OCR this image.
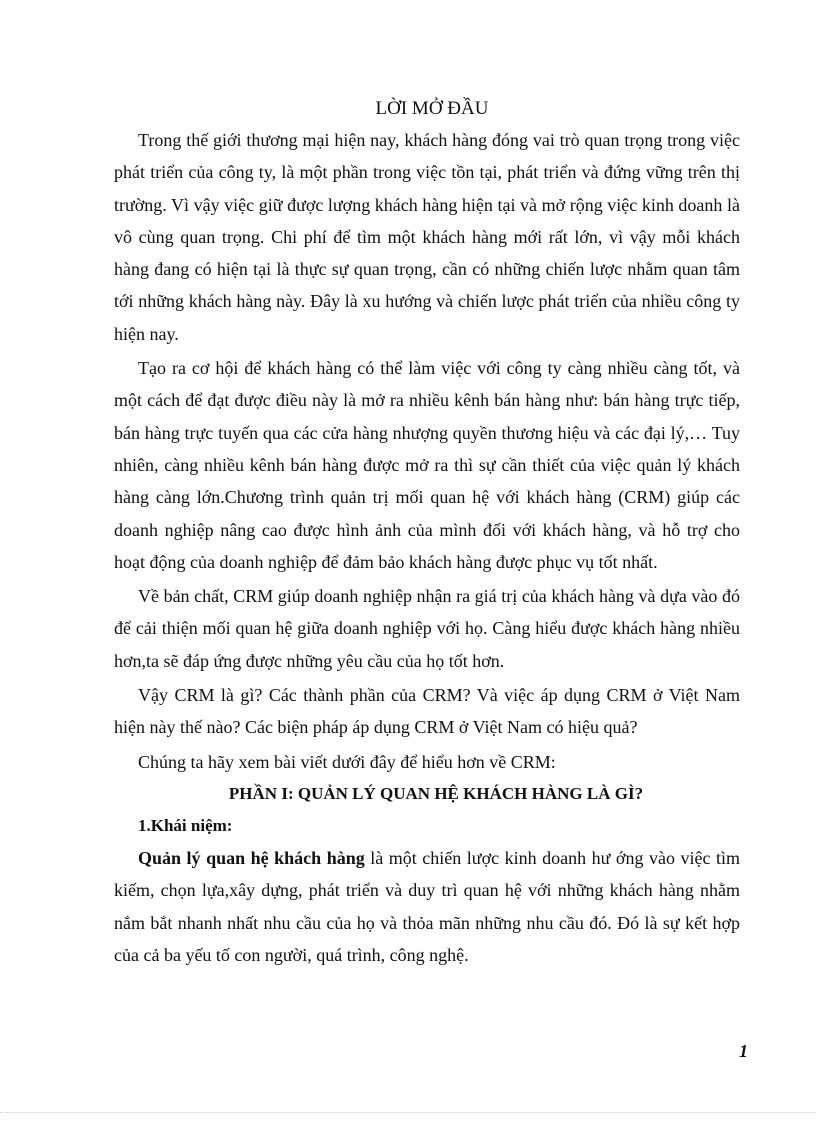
LỜI MỞ ĐẦU

Trong thế giới thương mại hiện nay, khách hàng đóng vai trò quan trọng trong việc phát triển của công ty, là một phần trong việc tồn tại, phát triển và đứng vững trên thị trường. Vì vậy việc giữ được lượng khách hàng hiện tại và mở rộng việc kinh doanh là vô cùng quan trọng. Chi phí để tìm một khách hàng mới rất lớn, vì vậy mỗi khách hàng đang có hiện tại là thực sự quan trọng, cần có những chiến lược nhằm quan tâm tới những khách hàng này. Đây là xu hướng và chiến lược phát triển của nhiều công ty hiện nay.

Tạo ra cơ hội để khách hàng có thể làm việc với công ty càng nhiều càng tốt, và một cách để đạt được điều này là mở ra nhiều kênh bán hàng như: bán hàng trực tiếp, bán hàng trực tuyến qua các cửa hàng nhượng quyền thương hiệu và các đại lý,… Tuy nhiên, càng nhiều kênh bán hàng được mở ra thì sự cần thiết của việc quản lý khách hàng càng lớn.Chương trình quản trị mối quan hệ với khách hàng (CRM) giúp các doanh nghiệp nâng cao được hình ảnh của mình đối với khách hàng, và hỗ trợ cho hoạt động của doanh nghiệp để đảm bảo khách hàng được phục vụ tốt nhất.

Về bản chất, CRM giúp doanh nghiệp nhận ra giá trị của khách hàng và dựa vào đó để cải thiện mối quan hệ giữa doanh nghiệp với họ. Càng hiểu được khách hàng nhiều hơn,ta sẽ đáp ứng được những yêu cầu của họ tốt hơn.

Vậy CRM là gì? Các thành phần của CRM? Và việc áp dụng CRM ở Việt Nam hiện này thế nào? Các biện pháp áp dụng CRM ở Việt Nam có hiệu quả?

Chúng ta hãy xem bài viết dưới đây để hiểu hơn về CRM:

PHẦN I: QUẢN LÝ QUAN HỆ KHÁCH HÀNG LÀ GÌ?
1.Khái niệm:

Quản lý quan hệ khách hàng là một chiến lược kinh doanh hư ớng vào việc tìm kiếm, chọn lựa,xây dựng, phát triển và duy trì quan hệ với những khách hàng nhằm nắm bắt nhanh nhất nhu cầu của họ và thỏa mãn những nhu cầu đó. Đó là sự kết hợp của cả ba yếu tố con người, quá trình, công nghệ.

1
